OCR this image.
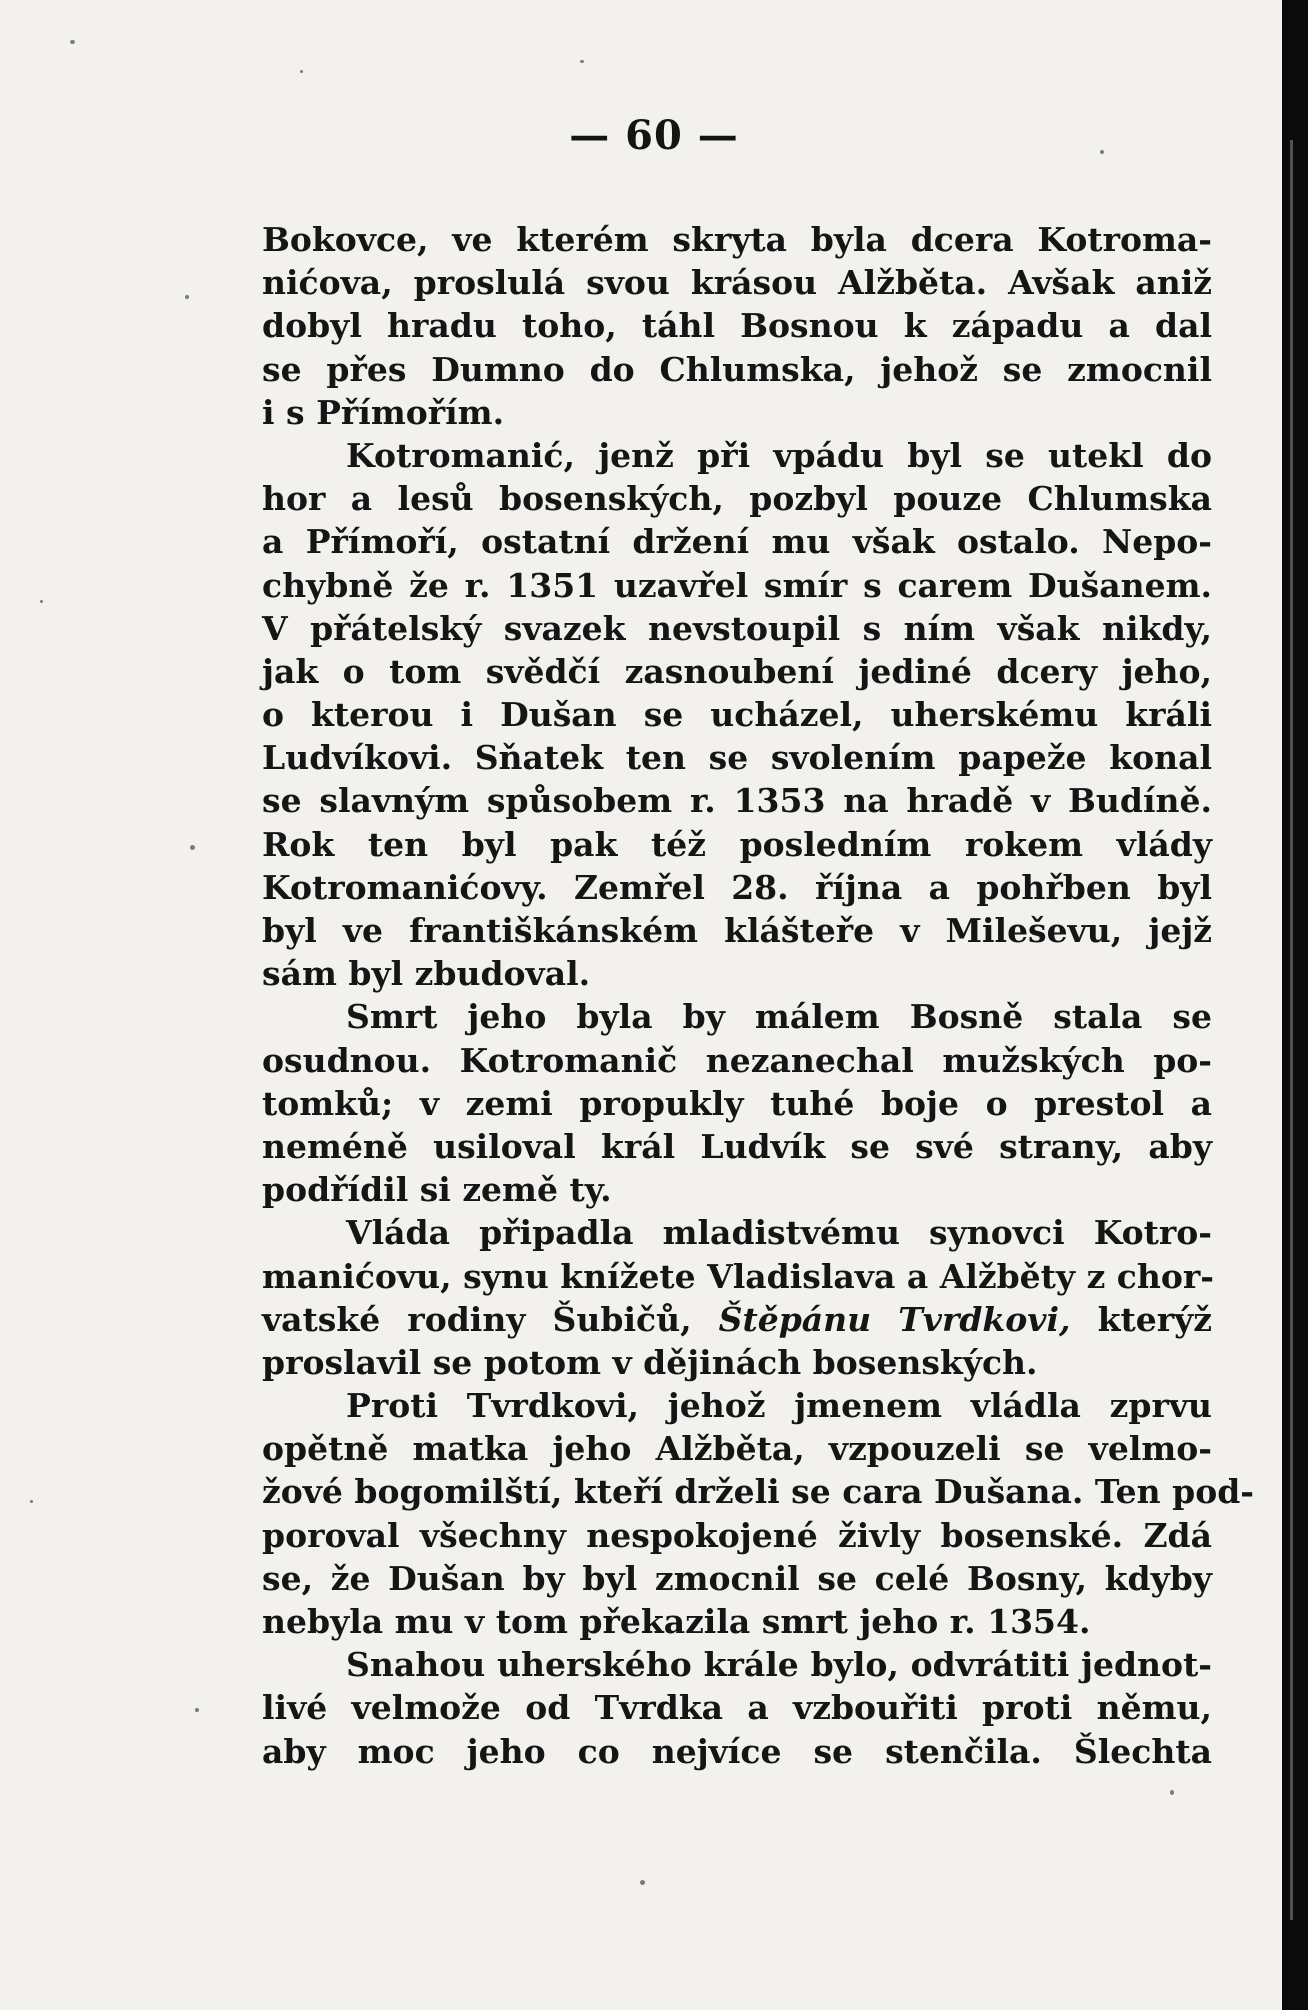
— 60 —
Bokovce, ve kterém skryta byla dcera Kotroma-
nićova, proslulá svou krásou Alžběta. Avšak aniž
dobyl hradu toho, táhl Bosnou k západu a dal
se přes Dumno do Chlumska, jehož se zmocnil
i s Přímořím.
Kotromanić, jenž při vpádu byl se utekl do
hor a lesů bosenských, pozbyl pouze Chlumska
a Přímoří, ostatní držení mu však ostalo. Nepo-
chybně že r. 1351 uzavřel smír s carem Dušanem.
V přátelský svazek nevstoupil s ním však nikdy,
jak o tom svědčí zasnoubení jediné dcery jeho,
o kterou i Dušan se ucházel, uherskému králi
Ludvíkovi. Sňatek ten se svolením papeže konal
se slavným spůsobem r. 1353 na hradě v Budíně.
Rok ten byl pak též posledním rokem vlády
Kotromanićovy. Zemřel 28. října a pohřben byl
byl ve františkánském klášteře v Mileševu, jejž
sám byl zbudoval.
Smrt jeho byla by málem Bosně stala se
osudnou. Kotromanič nezanechal mužských po-
tomků; v zemi propukly tuhé boje o prestol a
neméně usiloval král Ludvík se své strany, aby
podřídil si země ty.
Vláda připadla mladistvému synovci Kotro-
manićovu, synu knížete Vladislava a Alžběty z chor-
vatské rodiny Šubičů, Štěpánu Tvrdkovi, kterýž
proslavil se potom v dějinách bosenských.
Proti Tvrdkovi, jehož jmenem vládla zprvu
opětně matka jeho Alžběta, vzpouzeli se velmo-
žové bogomilští, kteří drželi se cara Dušana. Ten pod-
poroval všechny nespokojené živly bosenské. Zdá
se, že Dušan by byl zmocnil se celé Bosny, kdyby
nebyla mu v tom překazila smrt jeho r. 1354.
Snahou uherského krále bylo, odvrátiti jednot-
livé velmože od Tvrdka a vzbouřiti proti němu,
aby moc jeho co nejvíce se stenčila. Šlechta
